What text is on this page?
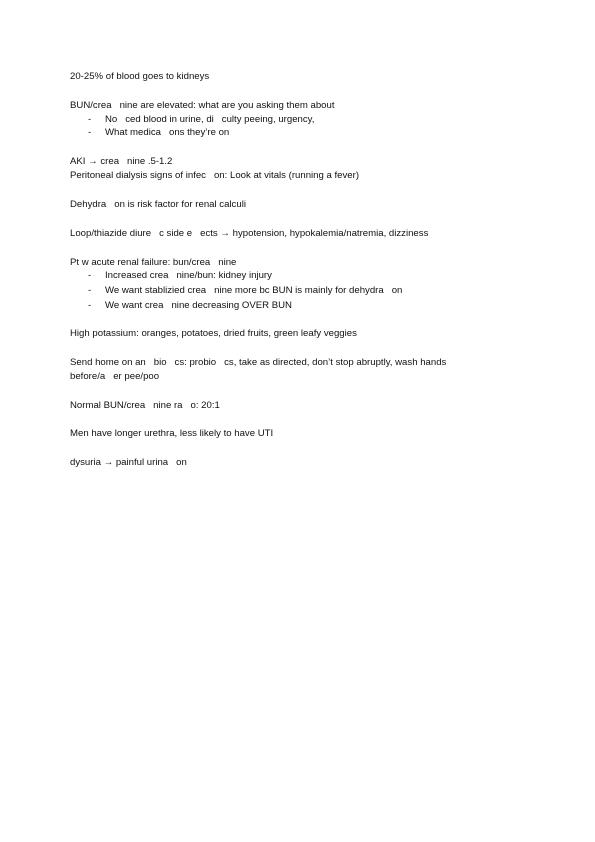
20-25% of blood goes to kidneys
BUN/crea   nine are elevated: what are you asking them about
- No   ced blood in urine, di   culty peeing, urgency,
- What medica   ons they’re on
AKI → crea   nine .5-1.2
Peritoneal dialysis signs of infec   on: Look at vitals (running a fever)
Dehydra   on is risk factor for renal calculi
Loop/thiazide diure   c side e   ects → hypotension, hypokalemia/natremia, dizziness
Pt w acute renal failure: bun/crea   nine
- Increased crea   nine/bun: kidney injury
- We want stablizied crea   nine more bc BUN is mainly for dehydra   on
- We want crea   nine decreasing OVER BUN
High potassium: oranges, potatoes, dried fruits, green leafy veggies
Send home on an   bio   cs: probio   cs, take as directed, don’t stop abruptly, wash hands
before/a   er pee/poo
Normal BUN/crea   nine ra   o: 20:1
Men have longer urethra, less likely to have UTI
dysuria → painful urina   on
